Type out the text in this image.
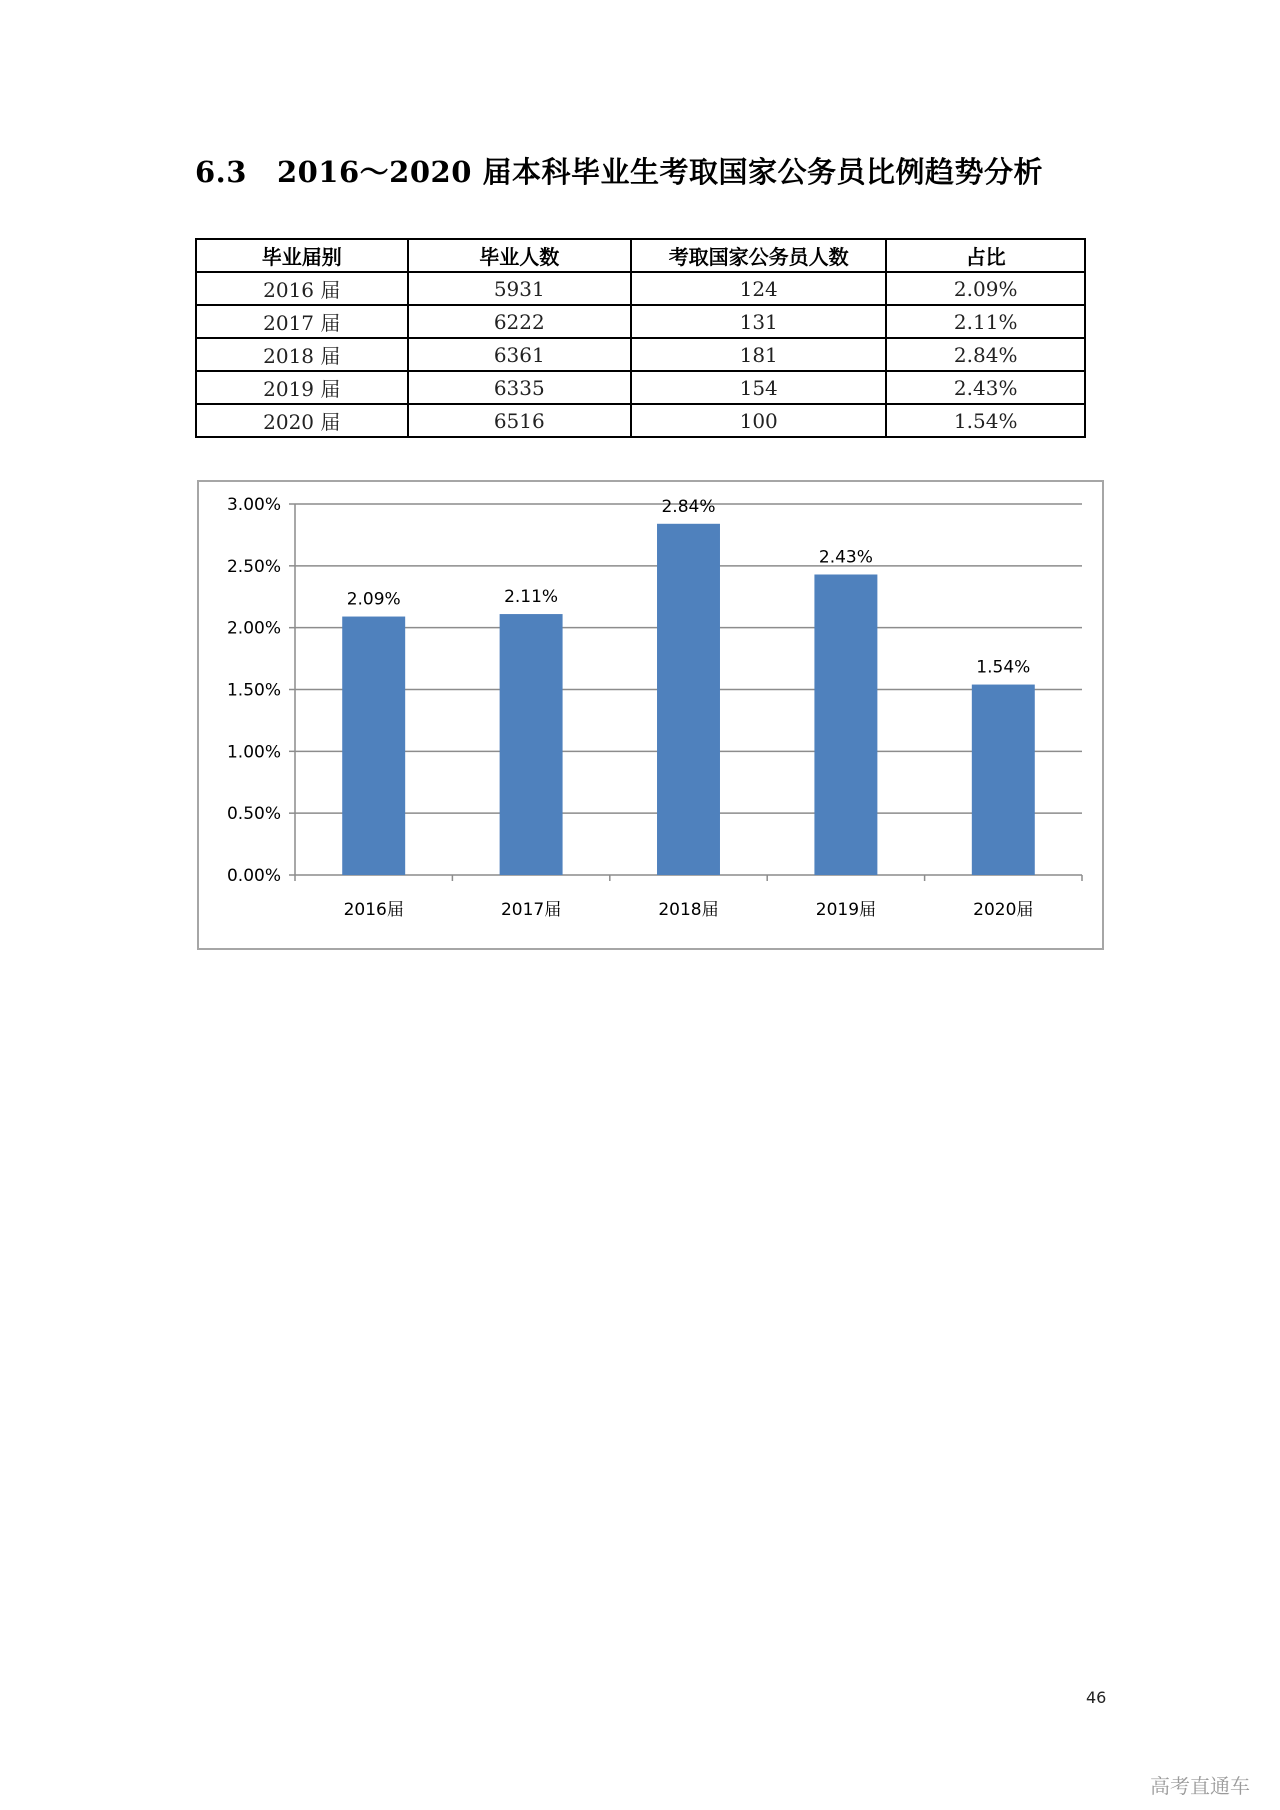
6.3 2016～2020 届本科毕业生考取国家公务员比例趋势分析
毕业届别	毕业人数	考取国家公务员人数	占比
2016 届	5931	124	2.09%
2017 届	6222	131	2.11%
2018 届	6361	181	2.84%
2019 届	6335	154	2.43%
2020 届	6516	100	1.54%
0.00%
0.50%
1.00%
1.50%
2.00%
2.50%
3.00%
2.09%
2016届
2.11%
2017届
2.84%
2018届
2.43%
2019届
1.54%
2020届
46
高考直通车
